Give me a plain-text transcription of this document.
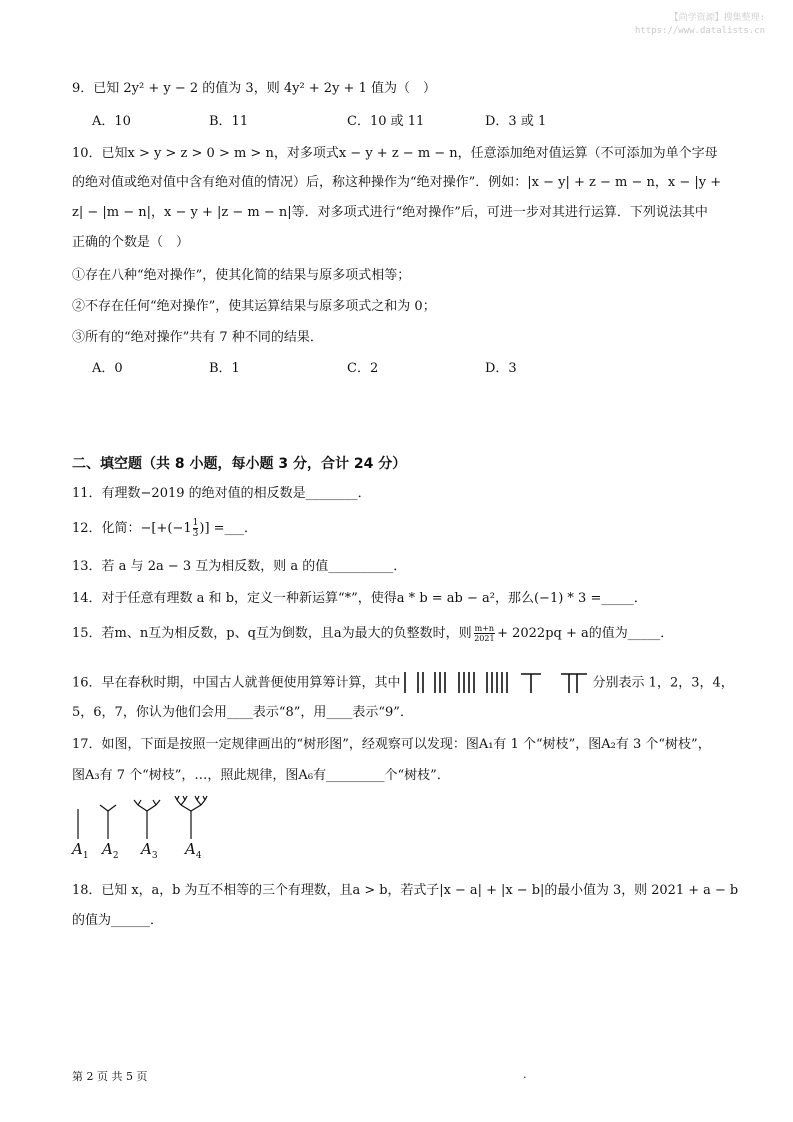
【尚学资源】搜集整理:
https://www.datalists.cn
9．已知 2y² + y − 2 的值为 3，则 4y² + 2y + 1 值为（　）
A．10	B．11	C．10 或 11	D．3 或 1
10．已知x > y > z > 0 > m > n，对多项式x − y + z − m − n，任意添加绝对值运算（不可添加为单个字母
的绝对值或绝对值中含有绝对值的情况）后，称这种操作为“绝对操作”．例如：|x − y| + z − m − n，x − |y +
z| − |m − n|，x − y + |z − m − n|等．对多项式进行“绝对操作”后，可进一步对其进行运算．下列说法其中
正确的个数是（　）
①存在八种“绝对操作”，使其化简的结果与原多项式相等；
②不存在任何“绝对操作”，使其运算结果与原多项式之和为 0；
③所有的“绝对操作”共有 7 种不同的结果．
A．0	B．1	C．2	D．3
二、填空题（共 8 小题，每小题 3 分，合计 24 分）
11．有理数−2019 的绝对值的相反数是________．
12．化简：$-[+(-1 \frac{1}{3}$ )] =___．
13．若 a 与 2a − 3 互为相反数，则 a 的值__________．
14．对于任意有理数 a 和 b，定义一种新运算“*”，使得a * b = ab − a²，那么(−1) * 3 =_____．
15．若m、n互为相反数，p、q互为倒数，且a为最大的负整数时，则 $\frac{m+n}{2021} + 2022pq + a$的值为_____．
16．早在春秋时期，中国古人就普便使用算筹计算，其中	分别表示 1，2，3，4，
5，6，7，你认为他们会用____表示“8”，用____表示“9”．
17．如图，下面是按照一定规律画出的“树形图”，经观察可以发现：图A₁有 1 个“树枝”，图A₂有 3 个“树枝”，
图A₃有 7 个“树枝”，…，照此规律，图A₆有_________个“树枝”．
$A_1$ $A_2$ $A_3$ $A_4$
18．已知 x，a，b 为互不相等的三个有理数，且a > b，若式子|x − a| + |x − b|的最小值为 3，则 2021 + a − b
的值为______．
第 2 页 共 5 页	.
